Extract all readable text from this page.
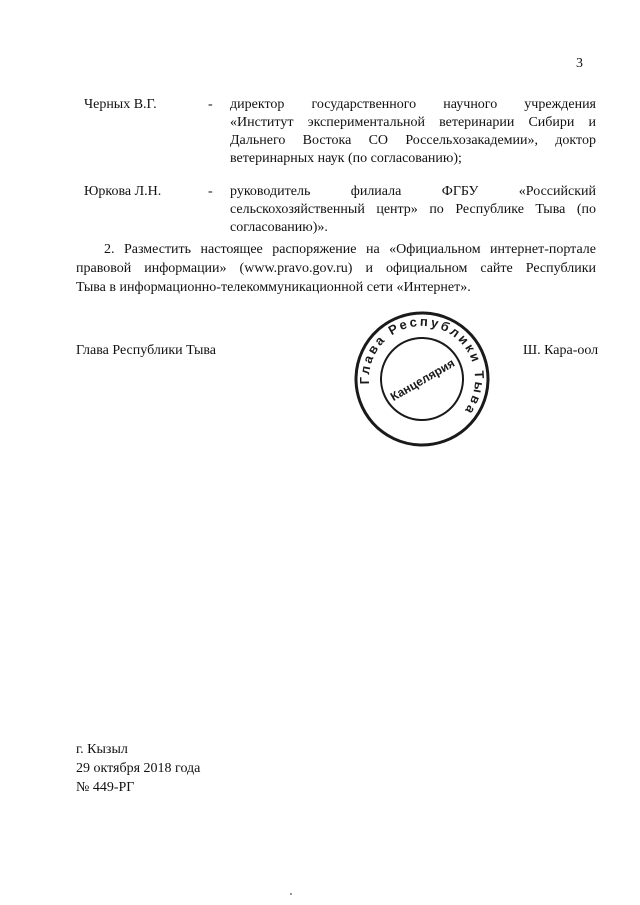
3
Черных В.Г.	- директор государственного научного учреждения
«Институт экспериментальной ветеринарии Сибири и
Дальнего Востока СО Россельхозакадемии», доктор
ветеринарных наук (по согласованию);
Юркова Л.Н.	- руководитель филиала ФГБУ «Российский
сельскохозяйственный центр» по Республике Тыва (по
согласованию)».
2. Разместить настоящее распоряжение на «Официальном интернет-портале
правовой информации» (www.pravo.gov.ru) и официальном сайте Республики
Тыва в информационно-телекоммуникационной сети «Интернет».
Глава Республики Тыва	Ш. Кара-оол
Глава Республики Тыва
Канцелярия
г. Кызыл
29 октября 2018 года
№ 449-РГ
